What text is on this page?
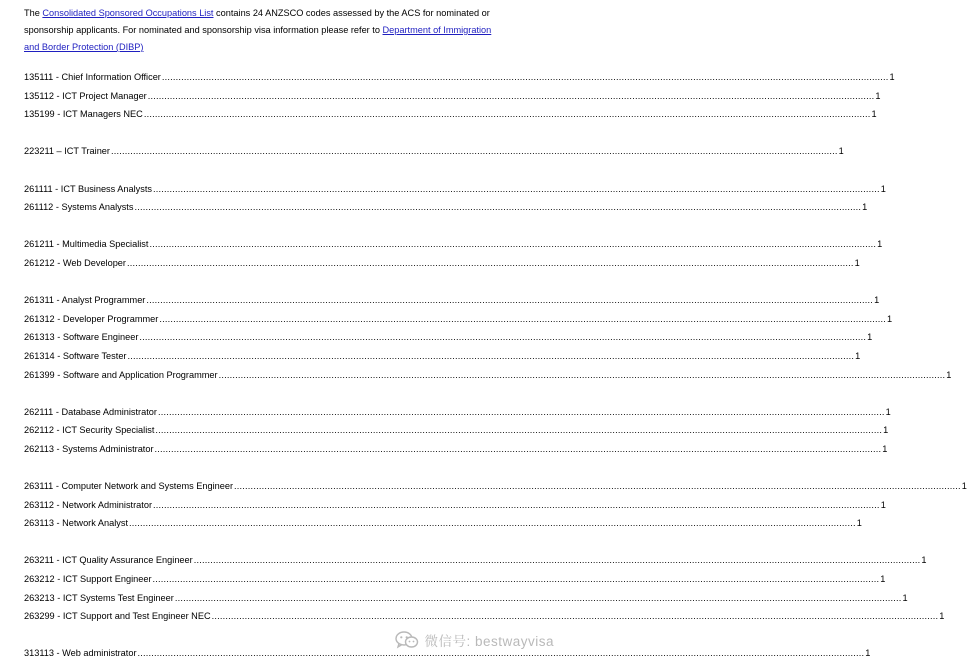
The Consolidated Sponsored Occupations List contains 24 ANZSCO codes assessed by the ACS for nominated or
sponsorship applicants. For nominated and sponsorship visa information please refer to Department of Immigration
and Border Protection (DIBP)
135111 - Chief Information Officer .....	1
135112 - ICT Project Manager .....	1
135199 - ICT Managers NEC .....	1
223211 – ICT Trainer .....	1
261111 - ICT Business Analysts .....	1
261112 - Systems Analysts .....	1
261211 - Multimedia Specialist .....	1
261212 - Web Developer .....	1
261311 - Analyst Programmer .....	1
261312 - Developer Programmer .....	1
261313 - Software Engineer .....	1
261314 - Software Tester .....	1
261399 - Software and Application Programmer .....	1
262111 - Database Administrator .....	1
262112 - ICT Security Specialist .....	1
262113 - Systems Administrator .....	1
263111 - Computer Network and Systems Engineer .....	1
263112 - Network Administrator .....	1
263113 - Network Analyst .....	1
263211 - ICT Quality Assurance Engineer .....	1
263212 - ICT Support Engineer .....	1
263213 - ICT Systems Test Engineer .....	1
263299 - ICT Support and Test Engineer NEC .....	1
313113 - Web administrator .....	1
微信号: bestwayvisa
